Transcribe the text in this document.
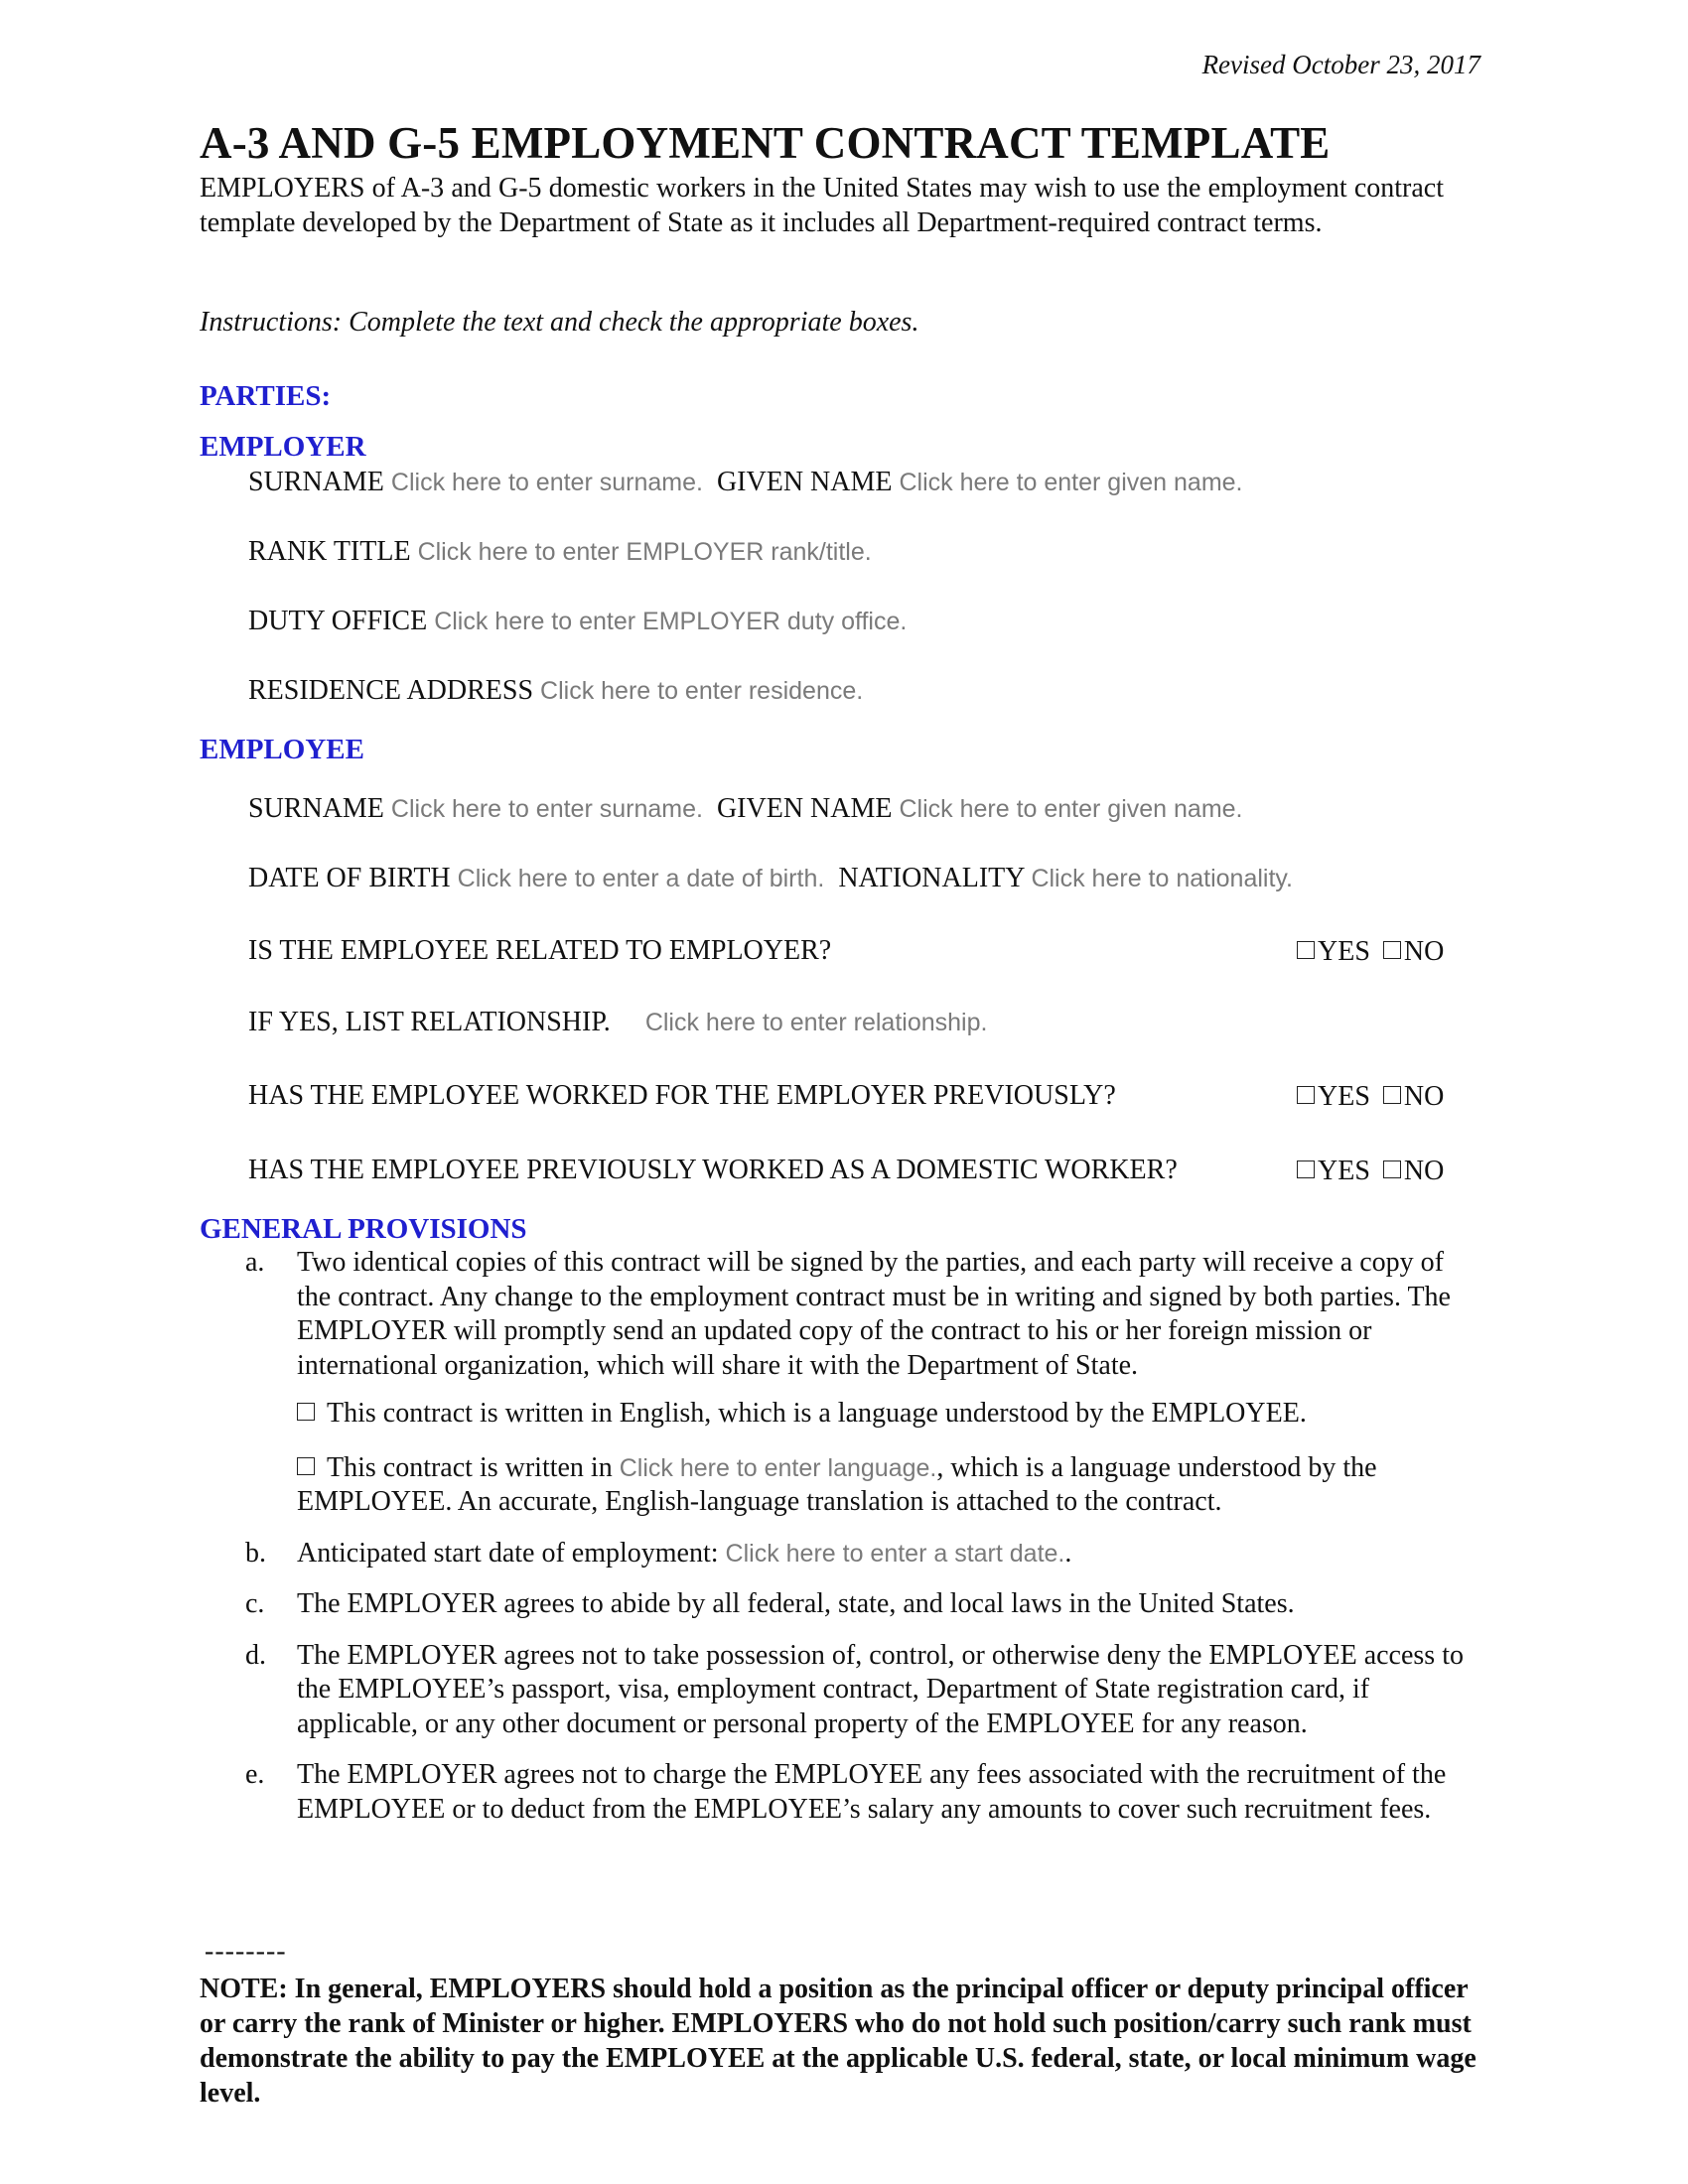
Revised October 23, 2017
A-3 AND G-5 EMPLOYMENT CONTRACT TEMPLATE
EMPLOYERS of A-3 and G-5 domestic workers in the United States may wish to use the employment contract template developed by the Department of State as it includes all Department-required contract terms.
Instructions: Complete the text and check the appropriate boxes.
PARTIES:
EMPLOYER
SURNAME Click here to enter surname. GIVEN NAME Click here to enter given name.
RANK TITLE Click here to enter EMPLOYER rank/title.
DUTY OFFICE Click here to enter EMPLOYER duty office.
RESIDENCE ADDRESS Click here to enter residence.
EMPLOYEE
SURNAME Click here to enter surname. GIVEN NAME Click here to enter given name.
DATE OF BIRTH Click here to enter a date of birth. NATIONALITY Click here to nationality.
IS THE EMPLOYEE RELATED TO EMPLOYER?	YES NO
IF YES, LIST RELATIONSHIP. Click here to enter relationship.
HAS THE EMPLOYEE WORKED FOR THE EMPLOYER PREVIOUSLY?	YES NO
HAS THE EMPLOYEE PREVIOUSLY WORKED AS A DOMESTIC WORKER?	YES NO
GENERAL PROVISIONS
a. Two identical copies of this contract will be signed by the parties, and each party will receive a copy of the contract. Any change to the employment contract must be in writing and signed by both parties. The EMPLOYER will promptly send an updated copy of the contract to his or her foreign mission or international organization, which will share it with the Department of State.
This contract is written in English, which is a language understood by the EMPLOYEE.
This contract is written in Click here to enter language., which is a language understood by the EMPLOYEE. An accurate, English-language translation is attached to the contract.
b. Anticipated start date of employment: Click here to enter a start date..
c. The EMPLOYER agrees to abide by all federal, state, and local laws in the United States.
d. The EMPLOYER agrees not to take possession of, control, or otherwise deny the EMPLOYEE access to the EMPLOYEE’s passport, visa, employment contract, Department of State registration card, if applicable, or any other document or personal property of the EMPLOYEE for any reason.
e. The EMPLOYER agrees not to charge the EMPLOYEE any fees associated with the recruitment of the EMPLOYEE or to deduct from the EMPLOYEE’s salary any amounts to cover such recruitment fees.
--------
NOTE: In general, EMPLOYERS should hold a position as the principal officer or deputy principal officer or carry the rank of Minister or higher. EMPLOYERS who do not hold such position/carry such rank must demonstrate the ability to pay the EMPLOYEE at the applicable U.S. federal, state, or local minimum wage level.
